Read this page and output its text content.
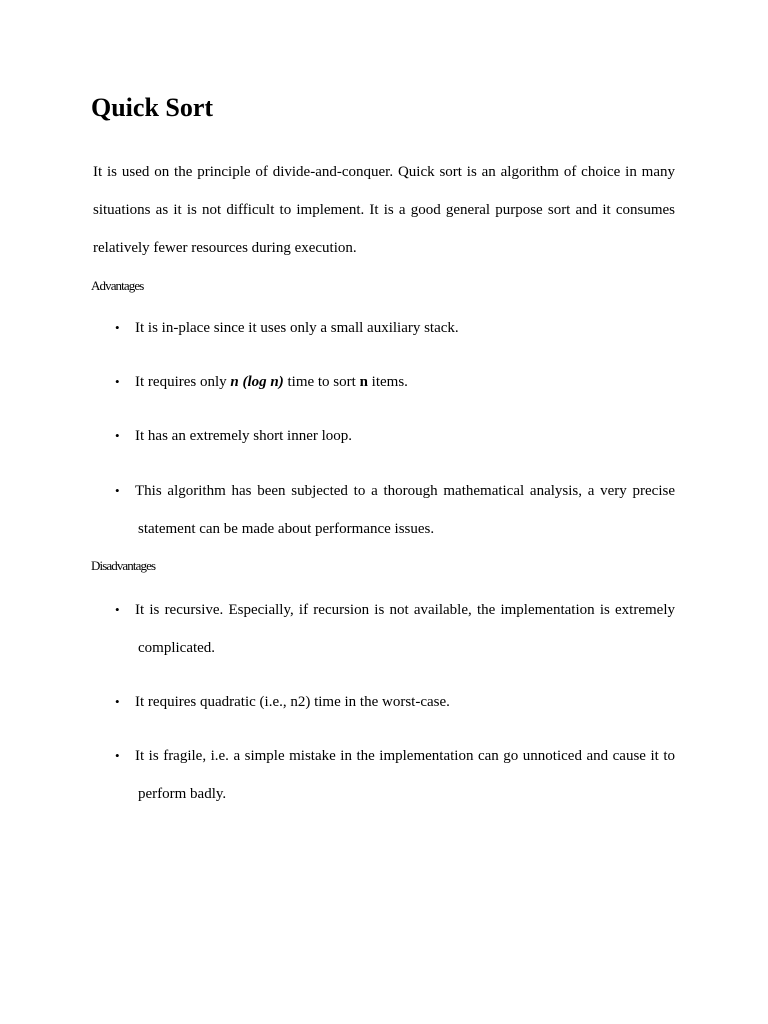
Quick Sort

It is used on the principle of divide-and-conquer. Quick sort is an algorithm of choice in many
situations as it is not difficult to implement. It is a good general purpose sort and it consumes
relatively fewer resources during execution.

Advantages
• It is in-place since it uses only a small auxiliary stack.
• It requires only n (log n) time to sort n items.
• It has an extremely short inner loop.
• This algorithm has been subjected to a thorough mathematical analysis, a very precise
statement can be made about performance issues.
Disadvantages
• It is recursive. Especially, if recursion is not available, the implementation is extremely
complicated.
• It requires quadratic (i.e., n2) time in the worst-case.
• It is fragile, i.e. a simple mistake in the implementation can go unnoticed and cause it to
perform badly.
